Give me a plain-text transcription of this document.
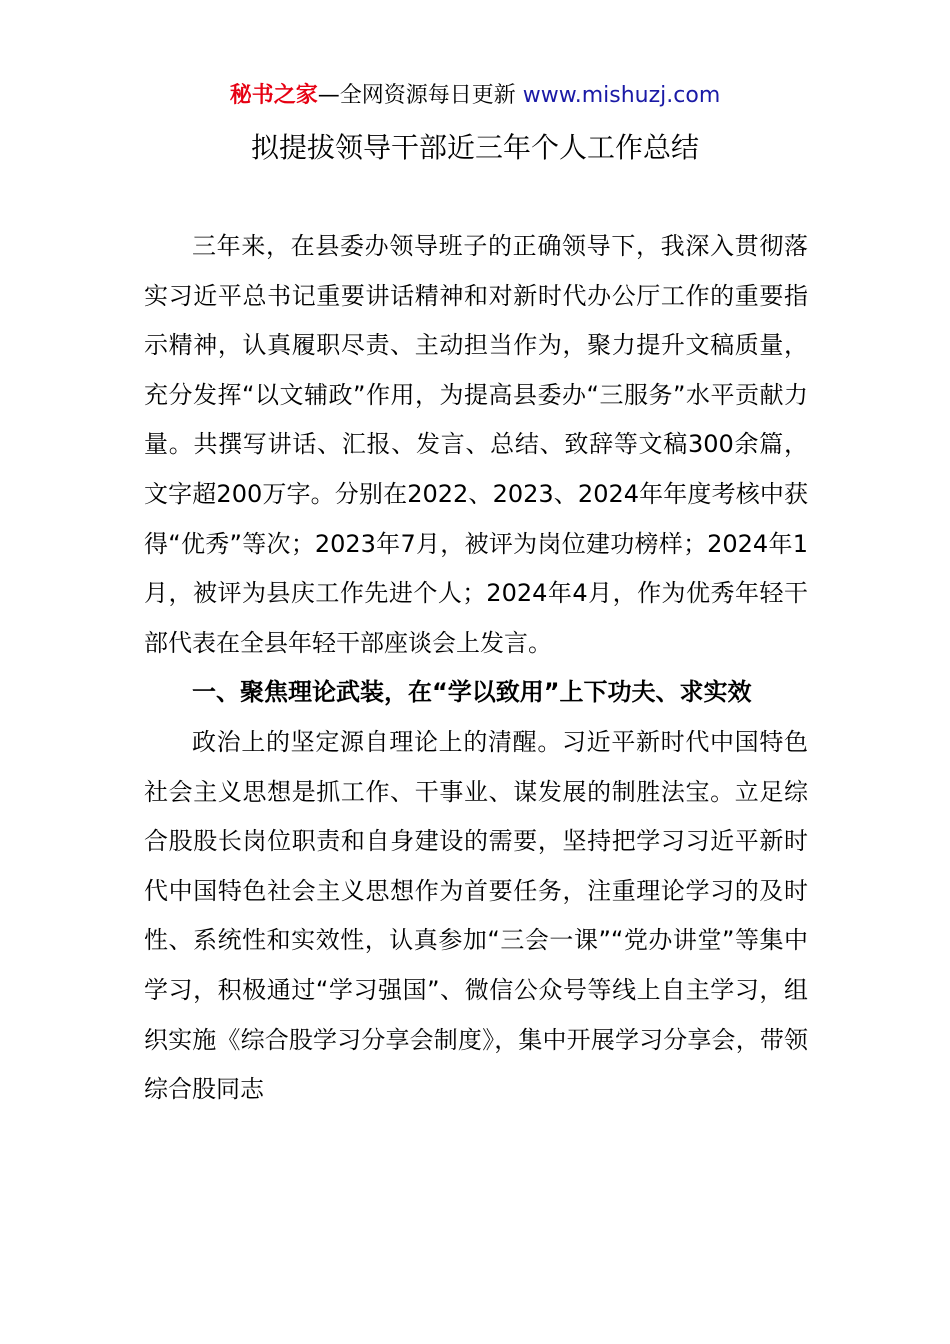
秘书之家—全网资源每日更新 www.mishuzj.com
拟提拔领导干部近三年个人工作总结

三年来，在县委办领导班子的正确领导下，我深入贯彻落实习近平总书记重要讲话精神和对新时代办公厅工作的重要指示精神，认真履职尽责、主动担当作为，聚力提升文稿质量，充分发挥“以文辅政”作用，为提高县委办“三服务”水平贡献力量。共撰写讲话、汇报、发言、总结、致辞等文稿300余篇，文字超200万字。分别在2022、2023、2024年年度考核中获得“优秀”等次；2023年7月，被评为岗位建功榜样；2024年1月，被评为县庆工作先进个人；2024年4月，作为优秀年轻干部代表在全县年轻干部座谈会上发言。

一、聚焦理论武装，在“学以致用”上下功夫、求实效

政治上的坚定源自理论上的清醒。习近平新时代中国特色社会主义思想是抓工作、干事业、谋发展的制胜法宝。立足综合股股长岗位职责和自身建设的需要，坚持把学习习近平新时代中国特色社会主义思想作为首要任务，注重理论学习的及时性、系统性和实效性，认真参加“三会一课”“党办讲堂”等集中学习，积极通过“学习强国”、微信公众号等线上自主学习，组织实施《综合股学习分享会制度》，集中开展学习分享会，带领综合股同志
